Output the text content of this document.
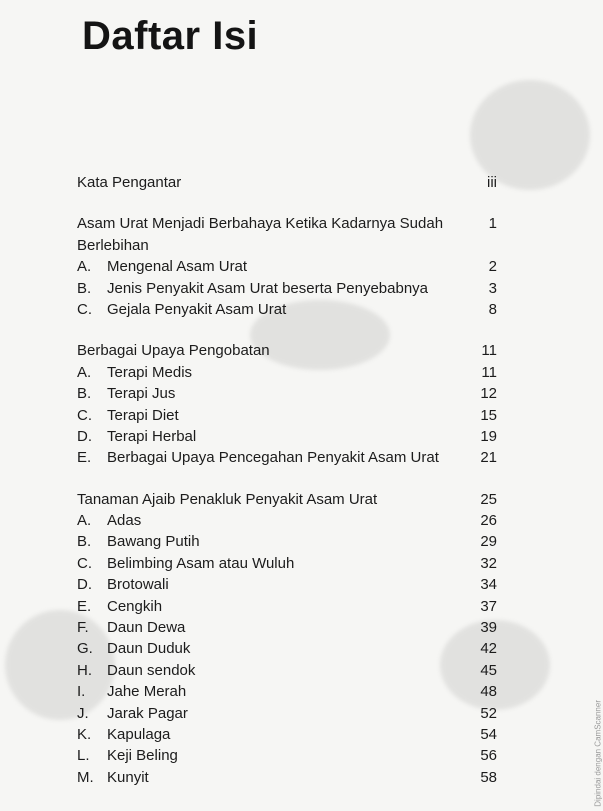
Daftar Isi
Kata Pengantar	iii
Asam Urat Menjadi Berbahaya Ketika Kadarnya Sudah	1
Berlebihan
A.	Mengenal Asam Urat	2
B.	Jenis Penyakit Asam Urat beserta Penyebabnya	3
C.	Gejala Penyakit Asam Urat	8
Berbagai Upaya Pengobatan	11
A.	Terapi Medis	11
B.	Terapi Jus	12
C.	Terapi Diet	15
D.	Terapi Herbal	19
E.	Berbagai Upaya Pencegahan Penyakit Asam Urat	21
Tanaman Ajaib Penakluk Penyakit Asam Urat	25
A.	Adas	26
B.	Bawang Putih	29
C.	Belimbing Asam atau Wuluh	32
D.	Brotowali	34
E.	Cengkih	37
F.	Daun Dewa	39
G. Daun Duduk	42
H.	Daun sendok	45
I.	Jahe Merah	48
J.	Jarak Pagar	52
K.	Kapulaga	54
L.	Keji Beling	56
M. Kunyit	58	Dipindai dengan CamScanner
